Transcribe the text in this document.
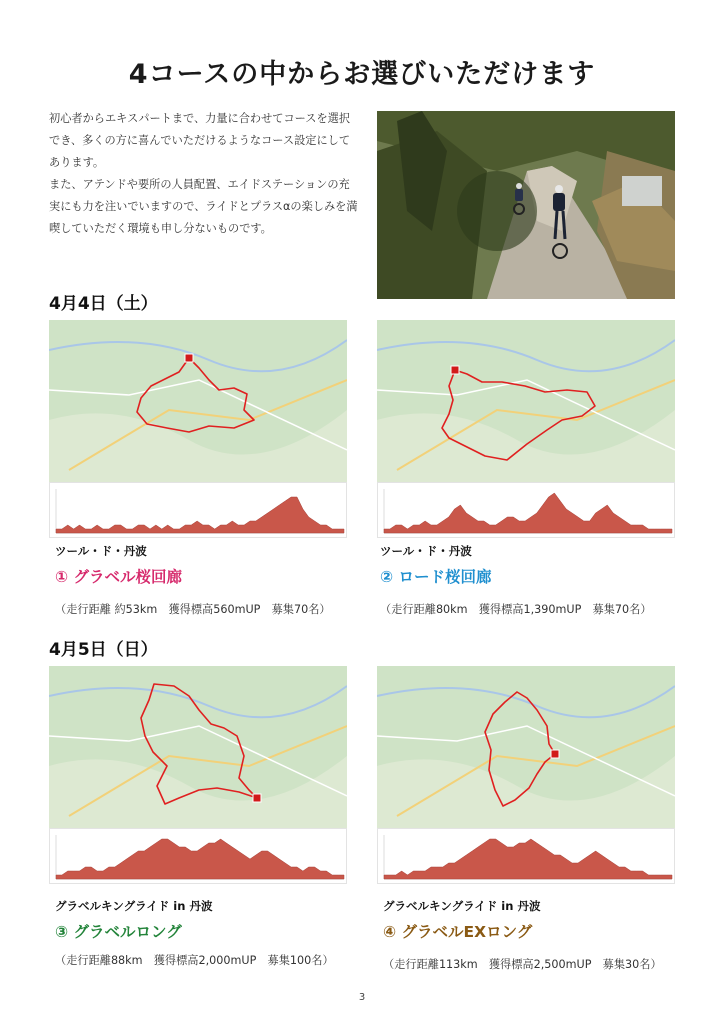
4コースの中からお選びいただけます

初心者からエキスパートまで、力量に合わせてコースを選択でき、多くの方に喜んでいただけるようなコース設定にしてあります。

また、アテンドや要所の人員配置、エイドステーションの充実にも力を注いでいますので、ライドとプラスαの楽しみを満喫していただく環境も申し分ないものです。

4月4日（土）
4月5日（日）
ツール・ド・丹波
① グラベル桜回廊
（走行距離 約53km　獲得標高560mUP　募集70名）
ツール・ド・丹波
② ロード桜回廊
（走行距離80km　獲得標高1,390mUP　募集70名）
グラベルキングライド in 丹波
③ グラベルロング
（走行距離88km　獲得標高2,000mUP　募集100名）
グラベルキングライド in 丹波
④ グラベルEXロング
（走行距離113km　獲得標高2,500mUP　募集30名）
3
